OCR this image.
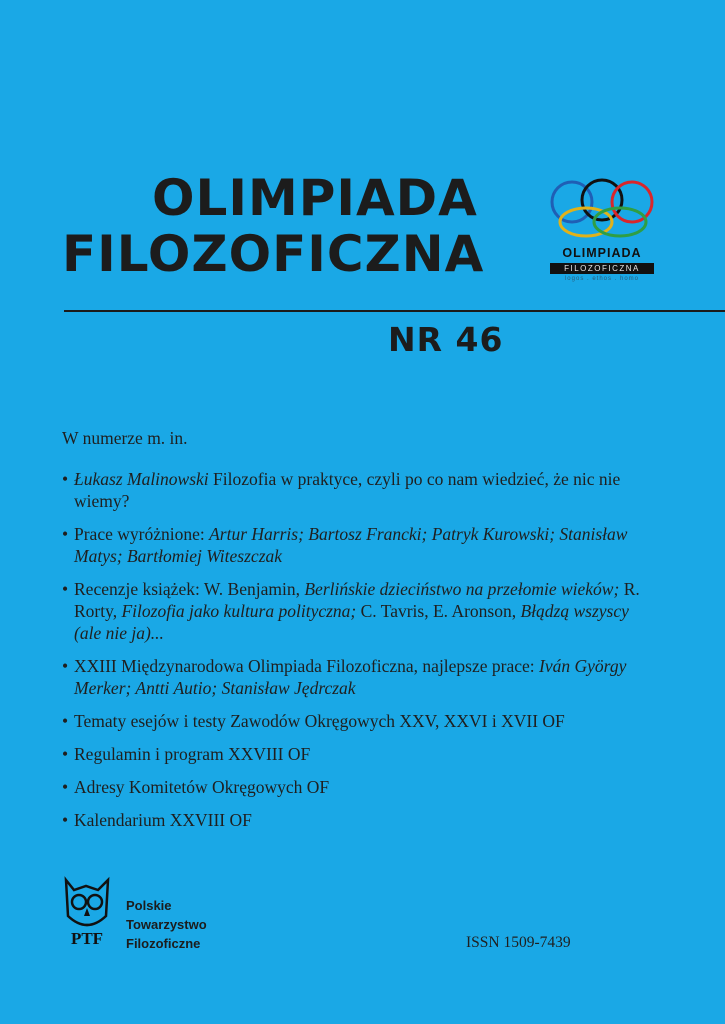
OLIMPIADA
FILOZOFICZNA	OLIMPIADA
FILOZOFICZNA
logos . ethos . homo
NR 46
W numerze m. in.
• Łukasz Malinowski Filozofia w praktyce, czyli po co nam wiedzieć, że nic nie wiemy?
• Prace wyróżnione: Artur Harris; Bartosz Francki; Patryk Kurowski; Stanisław Matys; Bartłomiej Witeszczak
• Recenzje książek: W. Benjamin, Berlińskie dzieciństwo na przełomie wieków; R. Rorty, Filozofia jako kultura polityczna; C. Tavris, E. Aronson, Błądzą wszyscy (ale nie ja)...
• XXIII Międzynarodowa Olimpiada Filozoficzna, najlepsze prace: Iván György Merker; Antti Autio; Stanisław Jędrczak
• Tematy esejów i testy Zawodów Okręgowych XXV, XXVI i XVII OF
• Regulamin i program XXVIII OF
• Adresy Komitetów Okręgowych OF
• Kalendarium XXVIII OF
PTF
Polskie
Towarzystwo
Filozoficzne	ISSN 1509-7439
